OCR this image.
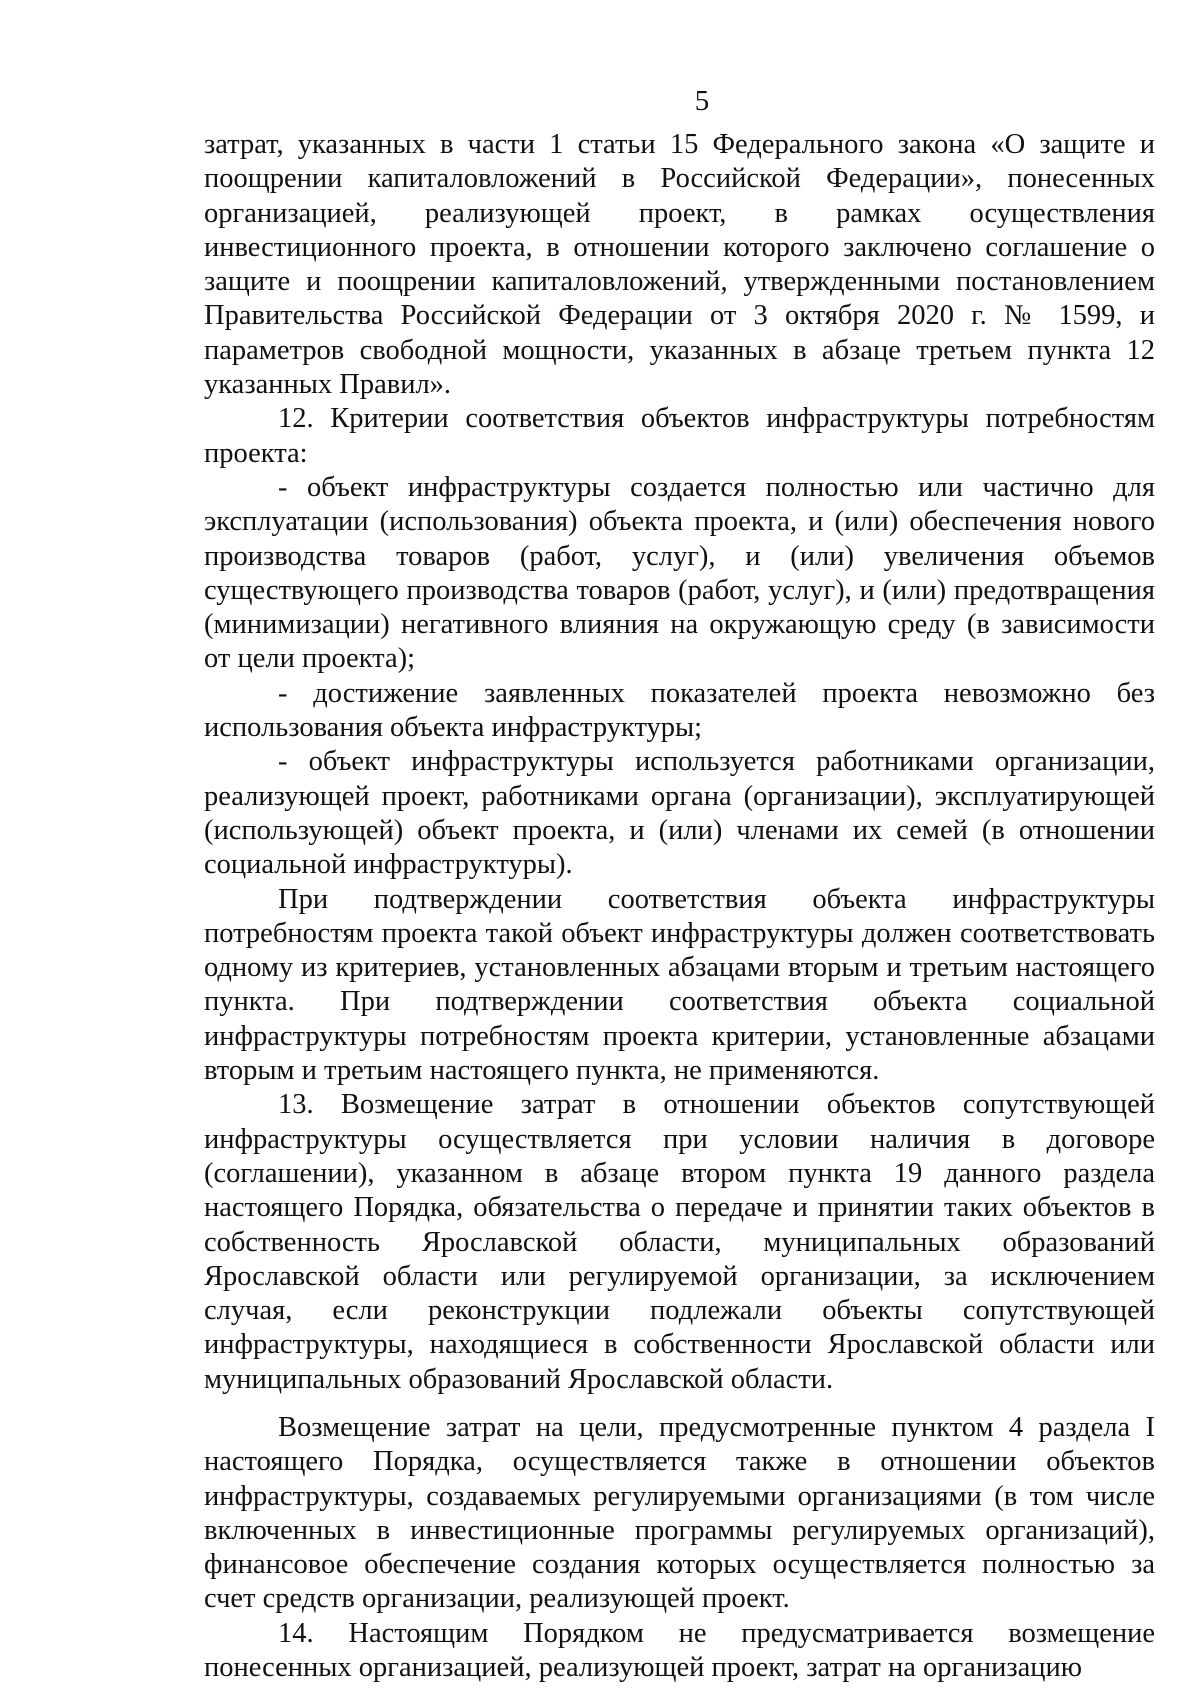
5

затрат, указанных в части 1 статьи 15 Федерального закона «О защите и поощрении капиталовложений в Российской Федерации», понесенных организацией, реализующей проект, в рамках осуществления инвестиционного проекта, в отношении которого заключено соглашение о защите и поощрении капиталовложений, утвержденными постановлением Правительства Российской Федерации от 3 октября 2020 г. № 1599, и параметров свободной мощности, указанных в абзаце третьем пункта 12 указанных Правил».

12. Критерии соответствия объектов инфраструктуры потребностям проекта:

- объект инфраструктуры создается полностью или частично для эксплуатации (использования) объекта проекта, и (или) обеспечения нового производства товаров (работ, услуг), и (или) увеличения объемов существующего производства товаров (работ, услуг), и (или) предотвращения (минимизации) негативного влияния на окружающую среду (в зависимости от цели проекта);

- достижение заявленных показателей проекта невозможно без использования объекта инфраструктуры;

- объект инфраструктуры используется работниками организации, реализующей проект, работниками органа (организации), эксплуатирующей (использующей) объект проекта, и (или) членами их семей (в отношении социальной инфраструктуры).

При подтверждении соответствия объекта инфраструктуры потребностям проекта такой объект инфраструктуры должен соответствовать одному из критериев, установленных абзацами вторым и третьим настоящего пункта. При подтверждении соответствия объекта социальной инфраструктуры потребностям проекта критерии, установленные абзацами вторым и третьим настоящего пункта, не применяются.

13. Возмещение затрат в отношении объектов сопутствующей инфраструктуры осуществляется при условии наличия в договоре (соглашении), указанном в абзаце втором пункта 19 данного раздела настоящего Порядка, обязательства о передаче и принятии таких объектов в собственность Ярославской области, муниципальных образований Ярославской области или регулируемой организации, за исключением случая, если реконструкции подлежали объекты сопутствующей инфраструктуры, находящиеся в собственности Ярославской области или муниципальных образований Ярославской области.

Возмещение затрат на цели, предусмотренные пунктом 4 раздела I настоящего Порядка, осуществляется также в отношении объектов инфраструктуры, создаваемых регулируемыми организациями (в том числе включенных в инвестиционные программы регулируемых организаций), финансовое обеспечение создания которых осуществляется полностью за счет средств организации, реализующей проект.

14. Настоящим Порядком не предусматривается возмещение понесенных организацией, реализующей проект, затрат на организацию
